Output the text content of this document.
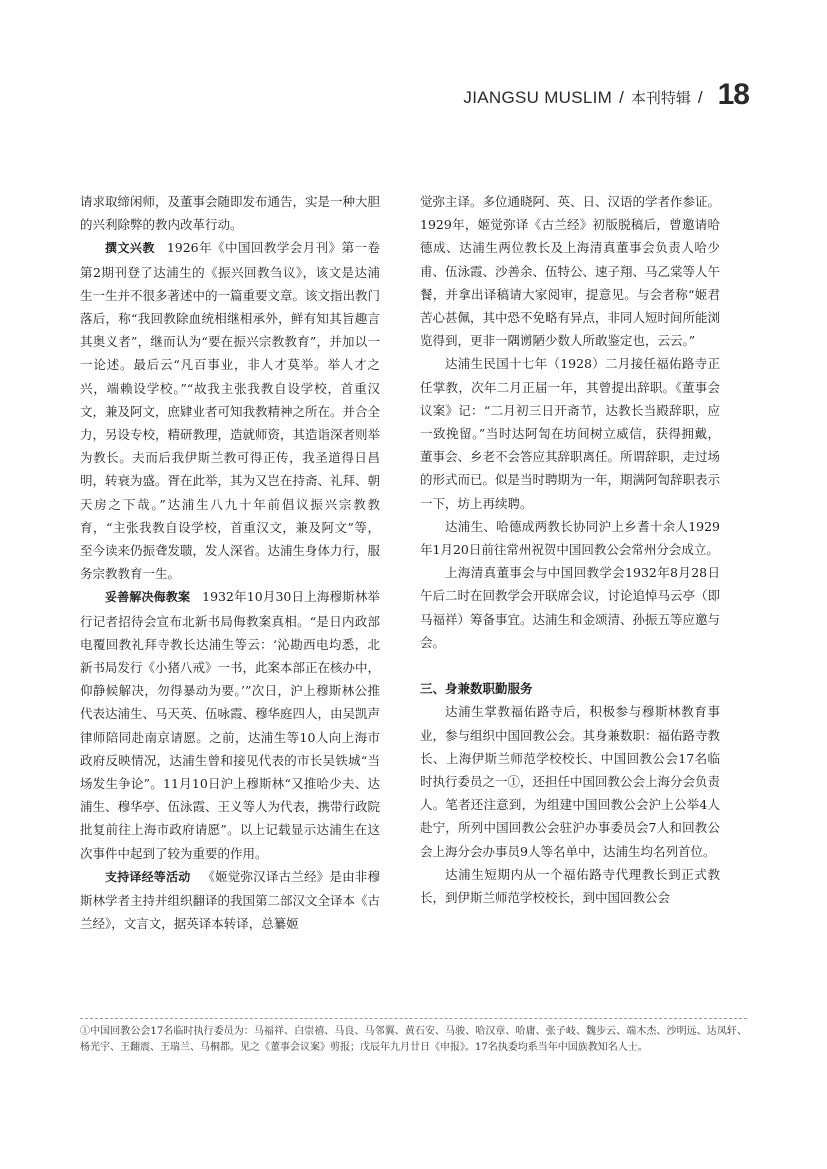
JIANGSU MUSLIM / 本刊特辑 / 18

请求取缔闲师，及董事会随即发布通告，实是一种大胆的兴利除弊的教内改革行动。

撰文兴教 1926年《中国回教学会月刊》第一卷第2期刊登了达浦生的《振兴回教刍议》，该文是达浦生一生并不很多著述中的一篇重要文章。该文指出教门落后，称“我回教除血统相继相承外，鲜有知其旨趣言其奥义者”，继而认为“要在振兴宗教教育”，并加以一一论述。最后云“凡百事业，非人才莫举。举人才之兴，端赖设学校。”“故我主张我教自设学校，首重汉文，兼及阿文，庶肄业者可知我教精神之所在。并合全力，另设专校，精研教理，造就师资，其造诣深者则举为教长。夫而后我伊斯兰教可得正传，我圣道得日昌明，转衰为盛。胥在此举，其为又岂在持斋、礼拜、朝天房之下哉。”达浦生八九十年前倡议振兴宗教教育，“主张我教自设学校，首重汉文，兼及阿文”等，至今读来仍振聋发聩，发人深省。达浦生身体力行，服务宗教教育一生。

妥善解决侮教案 1932年10月30日上海穆斯林举行记者招待会宣布北新书局侮教案真相。“是日内政部电覆回教礼拜寺教长达浦生等云：‘沁勘西电均悉，北新书局发行《小猪八戒》一书，此案本部正在核办中，仰静候解决，勿得暴动为要。’”次日，沪上穆斯林公推代表达浦生、马天英、伍咏霞、穆华庭四人，由吴凯声律师陪同赴南京请愿。之前，达浦生等10人向上海市政府反映情况，达浦生曾和接见代表的市长吴铁城“当场发生争论”。11月10日沪上穆斯林“又推哈少夫、达浦生、穆华亭、伍泳霞、王义等人为代表，携带行政院批复前往上海市政府请愿”。以上记载显示达浦生在这次事件中起到了较为重要的作用。

支持译经等活动 《姬觉弥汉译古兰经》是由非穆斯林学者主持并组织翻译的我国第二部汉文全译本《古兰经》，文言文，据英译本转译，总纂姬

觉弥主译。多位通晓阿、英、日、汉语的学者作参证。1929年，姬觉弥译《古兰经》初版脱稿后，曾邀请哈德成、达浦生两位教长及上海清真董事会负责人哈少甫、伍泳霞、沙善余、伍特公、速子翔、马乙棠等人午餐，并拿出译稿请大家阅审，提意见。与会者称“姬君苦心甚佩，其中恐不免略有异点，非同人短时间所能浏览得到，更非一隅谫陋少数人所敢鉴定也，云云。”

达浦生民国十七年（1928）二月接任福佑路寺正任掌教，次年二月正届一年，其曾提出辞职。《董事会议案》记：“二月初三日开斋节，达教长当殿辞职，应一致挽留。”当时达阿訇在坊间树立威信，获得拥戴，董事会、乡老不会答应其辞职离任。所谓辞职，走过场的形式而已。似是当时聘期为一年，期满阿訇辞职表示一下，坊上再续聘。

达浦生、哈德成两教长协同沪上乡耆十余人1929年1月20日前往常州祝贺中国回教公会常州分会成立。

上海清真董事会与中国回教学会1932年8月28日午后二时在回教学会开联席会议，讨论追悼马云亭（即马福祥）筹备事宜。达浦生和金颂清、孙振五等应邀与会。

三、身兼数职勤服务

达浦生掌教福佑路寺后，积极参与穆斯林教育事业，参与组织中国回教公会。其身兼数职：福佑路寺教长、上海伊斯兰师范学校校长、中国回教公会17名临时执行委员之一①，还担任中国回教公会上海分会负责人。笔者还注意到，为组建中国回教公会沪上公举4人赴宁，所列中国回教公会驻沪办事委员会7人和回教公会上海分会办事员9人等名单中，达浦生均名列首位。

达浦生短期内从一个福佑路寺代理教长到正式教长，到伊斯兰师范学校校长，到中国回教公会

①中国回教公会17名临时执行委员为：马福祥、白崇禧、马良、马邻翼、黄石安、马骏、哈汉章、哈庸、张子岐、魏步云、端木杰、沙明远、达凤轩、杨光宇、王翻震、王瑞兰、马桐都。见之《董事会议案》剪报；戊辰年九月廿日《申报》。17名执委均系当年中国族教知名人士。
